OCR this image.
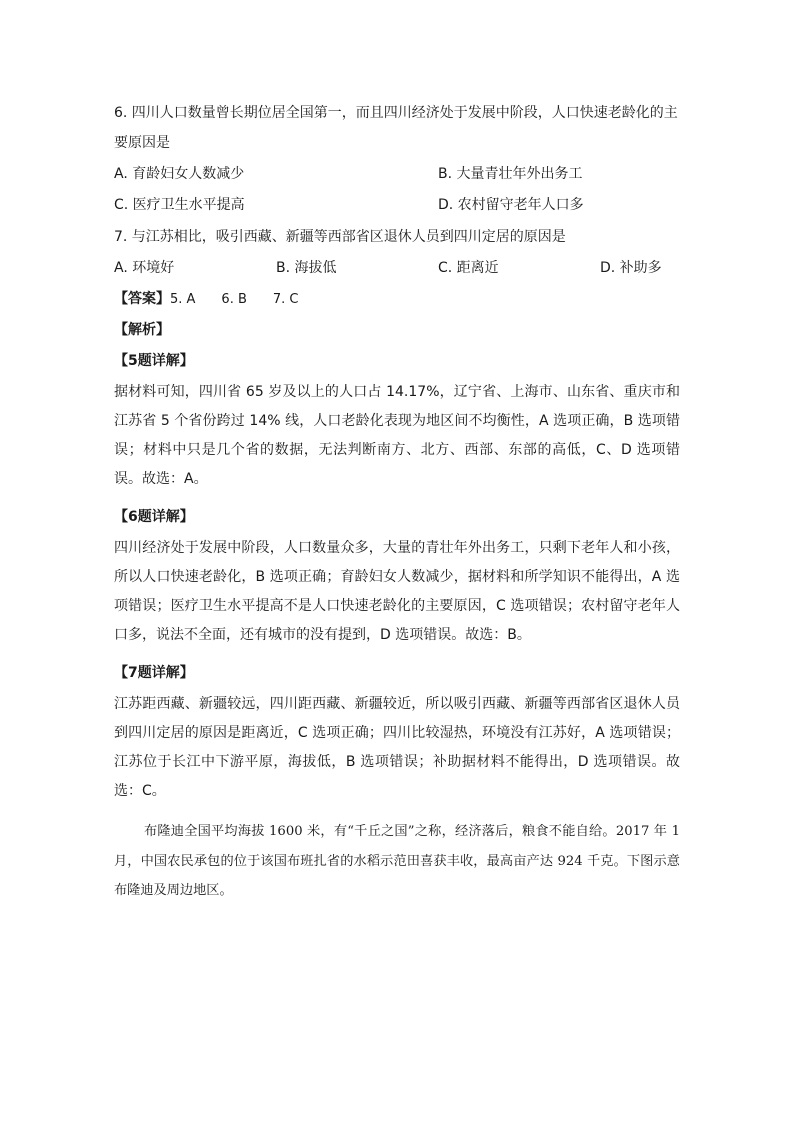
6. 四川人口数量曾长期位居全国第一，而且四川经济处于发展中阶段，人口快速老龄化的主
要原因是
A. 育龄妇女人数减少	B. 大量青壮年外出务工
C. 医疗卫生水平提高	D. 农村留守老年人口多
7. 与江苏相比，吸引西藏、新疆等西部省区退休人员到四川定居的原因是
A. 环境好	B. 海拔低	C. 距离近	D. 补助多
【答案】5. A　　6. B　　7. C
【解析】
【5题详解】
据材料可知，四川省 65 岁及以上的人口占 14.17%，辽宁省、上海市、山东省、重庆市和江苏省 5 个省份跨过 14% 线，人口老龄化表现为地区间不均衡性，A 选项正确，B 选项错误；材料中只是几个省的数据，无法判断南方、北方、西部、东部的高低，C、D 选项错误。故选：A。
【6题详解】
四川经济处于发展中阶段，人口数量众多，大量的青壮年外出务工，只剩下老年人和小孩，所以人口快速老龄化，B 选项正确；育龄妇女人数减少，据材料和所学知识不能得出，A 选项错误；医疗卫生水平提高不是人口快速老龄化的主要原因，C 选项错误；农村留守老年人口多，说法不全面，还有城市的没有提到，D 选项错误。故选：B。
【7题详解】
江苏距西藏、新疆较远，四川距西藏、新疆较近，所以吸引西藏、新疆等西部省区退休人员到四川定居的原因是距离近，C 选项正确；四川比较湿热，环境没有江苏好，A 选项错误；江苏位于长江中下游平原，海拔低，B 选项错误；补助据材料不能得出，D 选项错误。故选：C。
布隆迪全国平均海拔 1600 米，有“千丘之国”之称，经济落后，粮食不能自给。2017 年 1 月，中国农民承包的位于该国布班扎省的水稻示范田喜获丰收，最高亩产达 924 千克。下图示意布隆迪及周边地区。
